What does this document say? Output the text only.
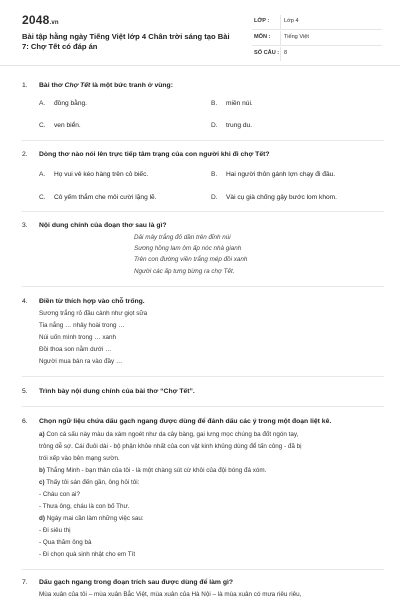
2048.vn
Bài tập hằng ngày Tiếng Việt lớp 4 Chân trời sáng tạo Bài 7: Chợ Tết có đáp án
LỚP :	Lớp 4
MÔN : Tiếng Việt
SỐ CÂU : 8
1. Bài thơ Chợ Tết là một bức tranh ở vùng:
A. đồng bằng.	B. miền núi.
C. ven biển.	D. trung du.
2. Dòng thơ nào nói lên trực tiếp tâm trạng của con người khi đi chợ Tết?
A. Họ vui vẻ kéo hàng trên cỏ biếc.	B. Hai người thôn gánh lợn chạy đi đầu.
C. Cô yếm thắm che môi cười lặng lẽ.	D. Vài cụ già chống gậy bước lom khom.
3. Nội dung chính của đoạn thơ sau là gì?
Dải mây trắng đỏ dần trên đỉnh núi
Sương hồng lam ôm ấp nóc nhà gianh
Trên con đường viền trắng mép đồi xanh
Người các ấp tưng bừng ra chợ Tết.
4. Điền từ thích hợp vào chỗ trống.
Sương trắng rỏ đầu cành như giọt sữa
Tia nắng … nhảy hoài trong …
Núi uốn mình trong … xanh
Đồi thoa son nằm dưới …
Người mua bán ra vào đầy …
5. Trình bày nội dung chính của bài thơ “Chợ Tết”.
6. Chọn ngữ liệu chứa dấu gạch ngang được dùng để đánh dấu các ý trong một đoạn liệt kê.
a) Con cá sấu này màu da xám ngoét như da cây bàng, gai lưng mọc chúng ba đốt ngón tay,
trông dễ sợ. Cái đuôi dài - bộ phận khỏe nhất của con vật kinh khủng dùng để tấn công - đã bị
trói xếp vào bên mạng sườn.
b) Thắng Minh - bạn thân của tôi - là một chàng sút cừ khôi của đội bóng đá xóm.
c) Thấy tôi sán đến gần, ông hỏi tôi:
- Cháu con ai?
- Thưa ông, cháu là con bố Thư.
d) Ngày mai cần làm những việc sau:
- Đi siêu thị
- Qua thăm ông bà
- Đi chọn quà sinh nhật cho em Tít
7. Dấu gạch ngang trong đoạn trích sau được dùng để làm gì?
Mùa xuân của tôi – mùa xuân Bắc Việt, mùa xuân của Hà Nội – là mùa xuân có mưa riêu riêu,
